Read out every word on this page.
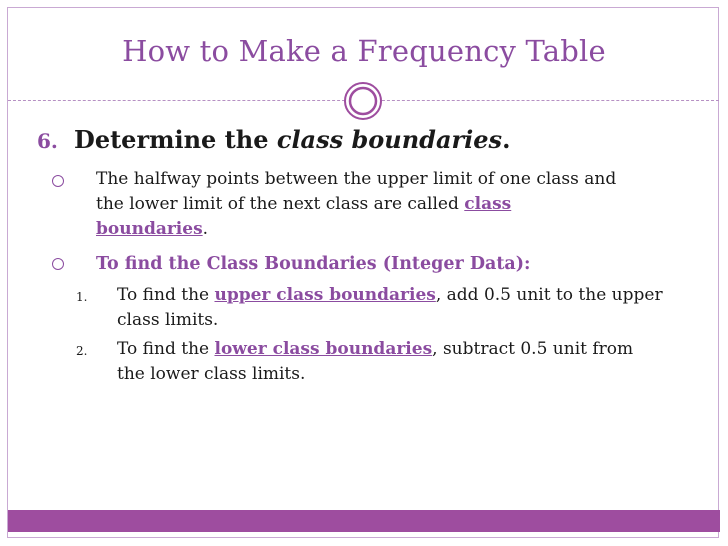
How to Make a Frequency Table
6. Determine the class boundaries.
The halfway points between the upper limit of one class and
the lower limit of the next class are called class
boundaries.
To find the Class Boundaries (Integer Data):
1. To find the upper class boundaries, add 0.5 unit to the upper
class limits.
2. To find the lower class boundaries, subtract 0.5 unit from
the lower class limits.
